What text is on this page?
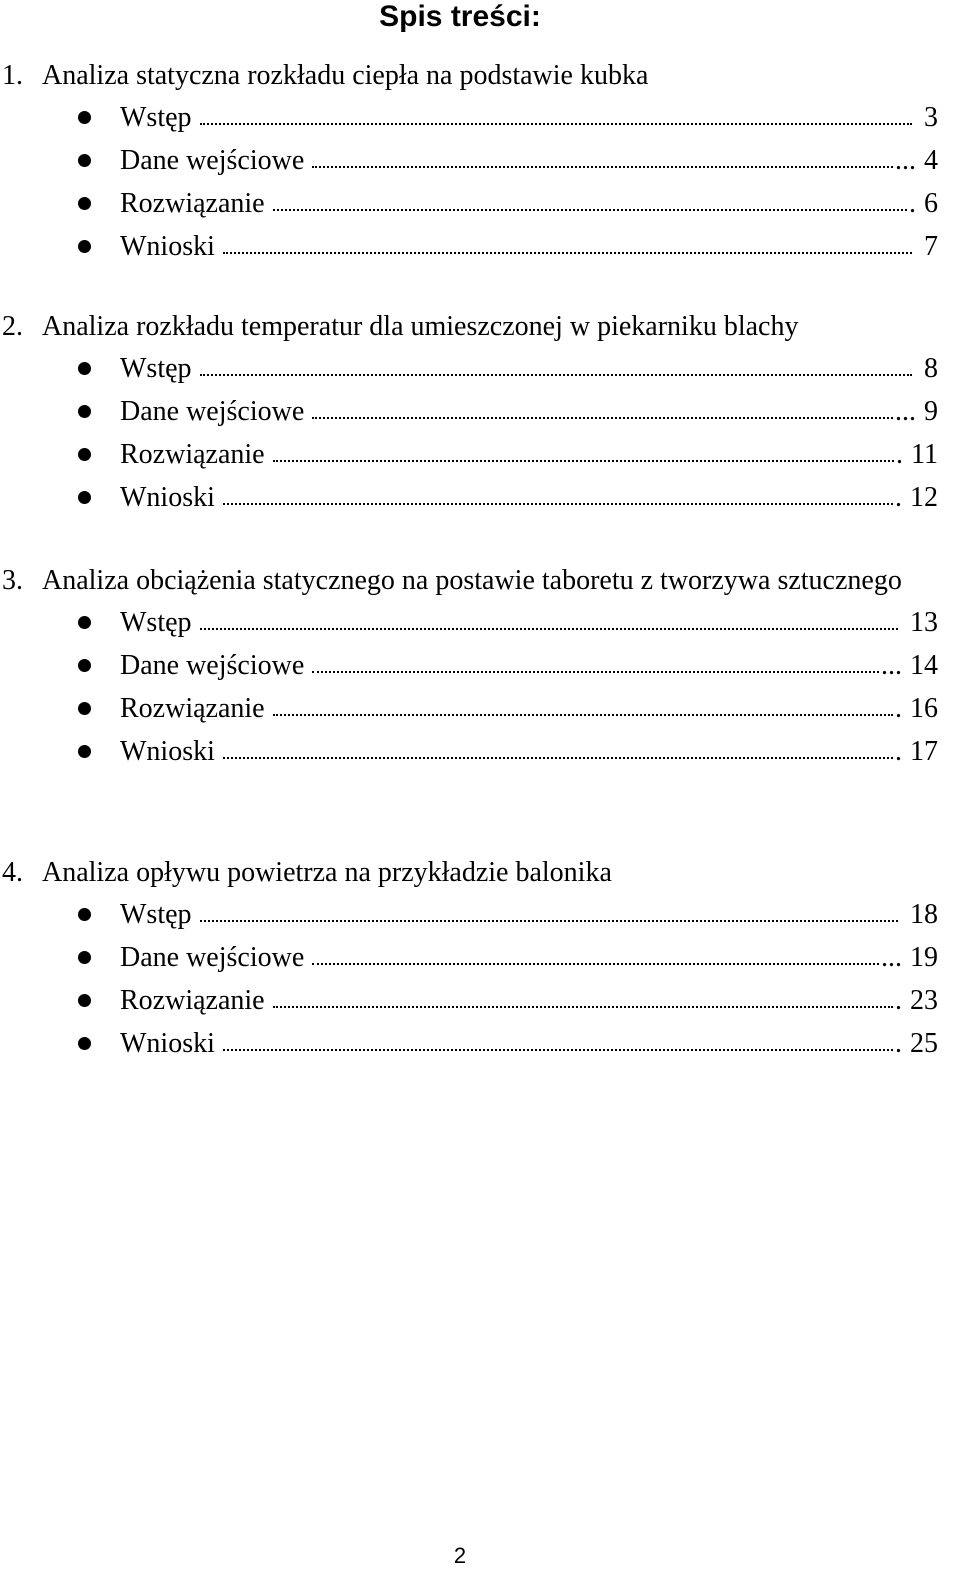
Spis treści:
1. Analiza statyczna rozkładu ciepła na podstawie kubka
Wstęp	3
Dane wejściowe	... 4
Rozwiązanie	. 6
Wnioski	7
2. Analiza rozkładu temperatur dla umieszczonej w piekarniku blachy
Wstęp	8
Dane wejściowe	... 9
Rozwiązanie	. 11
Wnioski	. 12
3. Analiza obciążenia statycznego na postawie taboretu z tworzywa sztucznego
Wstęp	13
Dane wejściowe	... 14
Rozwiązanie	. 16
Wnioski	. 17
4. Analiza opływu powietrza na przykładzie balonika
Wstęp	18
Dane wejściowe	... 19
Rozwiązanie	. 23
Wnioski	. 25
2
